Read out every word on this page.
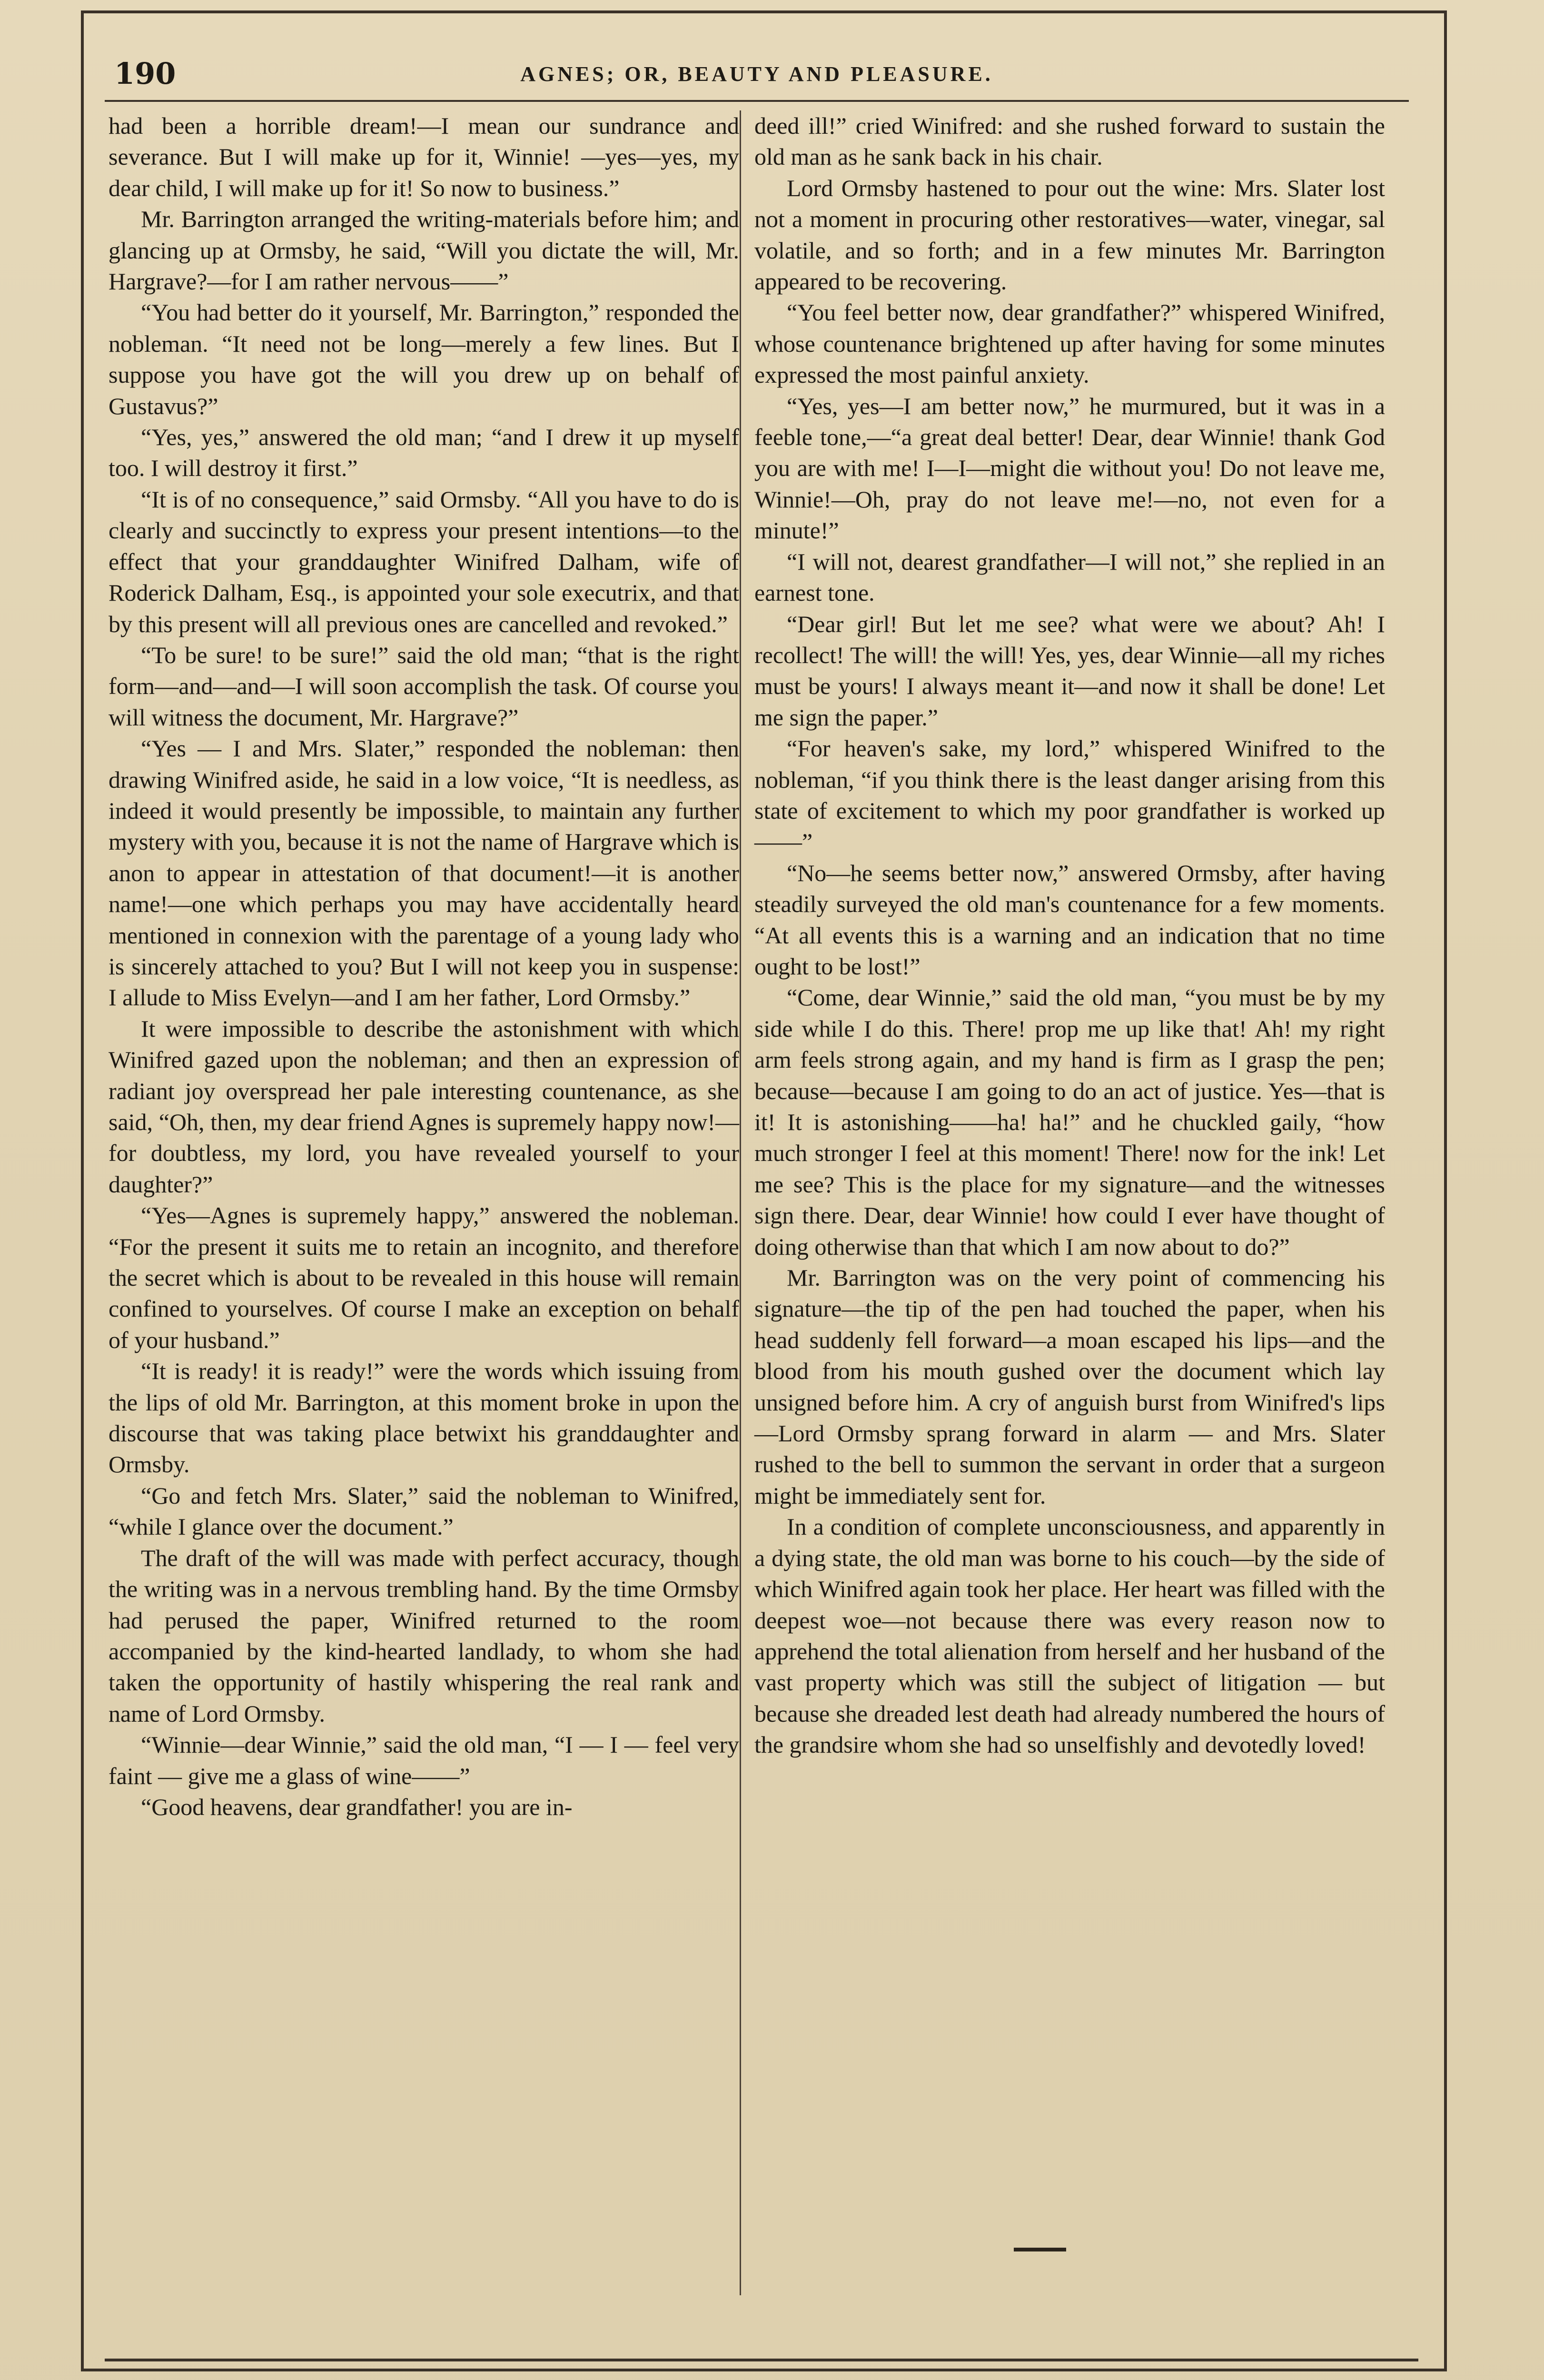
190	AGNES; OR, BEAUTY AND PLEASURE.

had been a horrible dream!—I mean our sundrance and severance. But I will make up for it, Winnie! —yes—yes, my dear child, I will make up for it! So now to business.”

Mr. Barrington arranged the writing-materials before him; and glancing up at Ormsby, he said, “Will you dictate the will, Mr. Hargrave?—for I am rather nervous——”

“You had better do it yourself, Mr. Barrington,” responded the nobleman. “It need not be long—merely a few lines. But I suppose you have got the will you drew up on behalf of Gustavus?”

“Yes, yes,” answered the old man; “and I drew it up myself too. I will destroy it first.”

“It is of no consequence,” said Ormsby. “All you have to do is clearly and succinctly to express your present intentions—to the effect that your granddaughter Winifred Dalham, wife of Roderick Dalham, Esq., is appointed your sole executrix, and that by this present will all previous ones are cancelled and revoked.”

“To be sure! to be sure!” said the old man; “that is the right form—and—and—I will soon accomplish the task. Of course you will witness the document, Mr. Hargrave?”

“Yes — I and Mrs. Slater,” responded the nobleman: then drawing Winifred aside, he said in a low voice, “It is needless, as indeed it would presently be impossible, to maintain any further mystery with you, because it is not the name of Hargrave which is anon to appear in attestation of that document!—it is another name!—one which perhaps you may have accidentally heard mentioned in connexion with the parentage of a young lady who is sincerely attached to you? But I will not keep you in suspense: I allude to Miss Evelyn—and I am her father, Lord Ormsby.”

It were impossible to describe the astonishment with which Winifred gazed upon the nobleman; and then an expression of radiant joy overspread her pale interesting countenance, as she said, “Oh, then, my dear friend Agnes is supremely happy now!—for doubtless, my lord, you have revealed yourself to your daughter?”

“Yes—Agnes is supremely happy,” answered the nobleman. “For the present it suits me to retain an incognito, and therefore the secret which is about to be revealed in this house will remain confined to yourselves. Of course I make an exception on behalf of your husband.”

“It is ready! it is ready!” were the words which issuing from the lips of old Mr. Barrington, at this moment broke in upon the discourse that was taking place betwixt his granddaughter and Ormsby.

“Go and fetch Mrs. Slater,” said the nobleman to Winifred, “while I glance over the document.”

The draft of the will was made with perfect accuracy, though the writing was in a nervous trembling hand. By the time Ormsby had perused the paper, Winifred returned to the room accompanied by the kind-hearted landlady, to whom she had taken the opportunity of hastily whispering the real rank and name of Lord Ormsby.

“Winnie—dear Winnie,” said the old man, “I — I — feel very faint — give me a glass of wine——”

“Good heavens, dear grandfather! you are in-

deed ill!” cried Winifred: and she rushed forward to sustain the old man as he sank back in his chair.

Lord Ormsby hastened to pour out the wine: Mrs. Slater lost not a moment in procuring other restoratives—water, vinegar, sal volatile, and so forth; and in a few minutes Mr. Barrington appeared to be recovering.

“You feel better now, dear grandfather?” whispered Winifred, whose countenance brightened up after having for some minutes expressed the most painful anxiety.

“Yes, yes—I am better now,” he murmured, but it was in a feeble tone,—“a great deal better! Dear, dear Winnie! thank God you are with me! I—I—might die without you! Do not leave me, Winnie!—Oh, pray do not leave me!—no, not even for a minute!”

“I will not, dearest grandfather—I will not,” she replied in an earnest tone.

“Dear girl! But let me see? what were we about? Ah! I recollect! The will! the will! Yes, yes, dear Winnie—all my riches must be yours! I always meant it—and now it shall be done! Let me sign the paper.”

“For heaven's sake, my lord,” whispered Winifred to the nobleman, “if you think there is the least danger arising from this state of excitement to which my poor grandfather is worked up——”

“No—he seems better now,” answered Ormsby, after having steadily surveyed the old man's countenance for a few moments. “At all events this is a warning and an indication that no time ought to be lost!”

“Come, dear Winnie,” said the old man, “you must be by my side while I do this. There! prop me up like that! Ah! my right arm feels strong again, and my hand is firm as I grasp the pen; because—because I am going to do an act of justice. Yes—that is it! It is astonishing——ha! ha!” and he chuckled gaily, “how much stronger I feel at this moment! There! now for the ink! Let me see? This is the place for my signature—and the witnesses sign there. Dear, dear Winnie! how could I ever have thought of doing otherwise than that which I am now about to do?”

Mr. Barrington was on the very point of commencing his signature—the tip of the pen had touched the paper, when his head suddenly fell forward—a moan escaped his lips—and the blood from his mouth gushed over the document which lay unsigned before him. A cry of anguish burst from Winifred's lips—Lord Ormsby sprang forward in alarm — and Mrs. Slater rushed to the bell to summon the servant in order that a surgeon might be immediately sent for.

In a condition of complete unconsciousness, and apparently in a dying state, the old man was borne to his couch—by the side of which Winifred again took her place. Her heart was filled with the deepest woe—not because there was every reason now to apprehend the total alienation from herself and her husband of the vast property which was still the subject of litigation — but because she dreaded lest death had already numbered the hours of the grandsire whom she had so unselfishly and devotedly loved!
